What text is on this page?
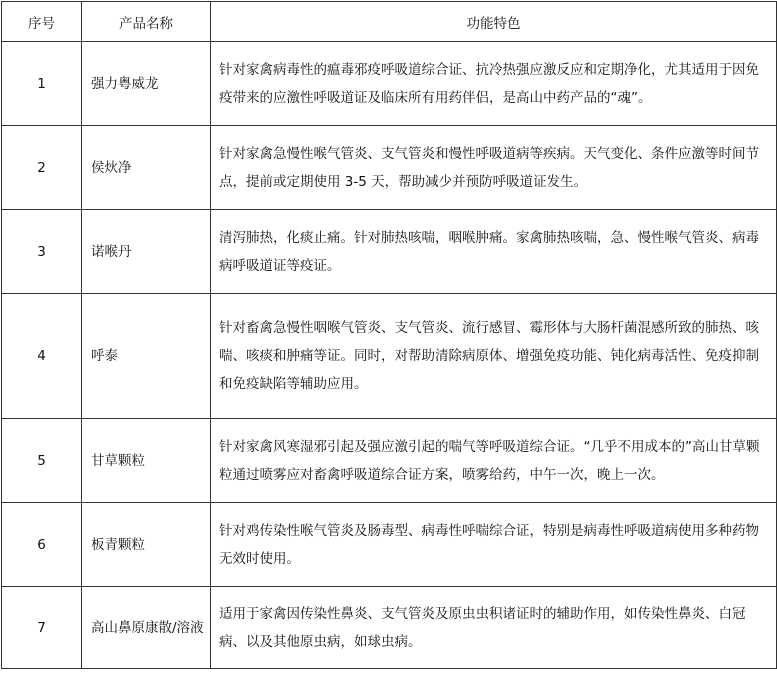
序号	产品名称	功能特色
1	强力粤威龙	针对家禽病毒性的瘟毒邪疫呼吸道综合证、抗冷热强应激反应和定期净化，尤其适用于因免疫带来的应激性呼吸道证及临床所有用药伴侣，是高山中药产品的“魂”。
2	侯炏净	针对家禽急慢性喉气管炎、支气管炎和慢性呼吸道病等疾病。天气变化、条件应激等时间节点，提前或定期使用 3-5 天，帮助减少并预防呼吸道证发生。
3	诺喉丹	清泻肺热，化痰止痛。针对肺热咳喘，咽喉肿痛。家禽肺热咳喘，急、慢性喉气管炎、病毒病呼吸道证等疫证。
4	呼泰	针对畜禽急慢性咽喉气管炎、支气管炎、流行感冒、霉形体与大肠杆菌混感所致的肺热、咳喘、咳痰和肿痛等证。同时，对帮助清除病原体、增强免疫功能、钝化病毒活性、免疫抑制和免疫缺陷等辅助应用。
5	甘草颗粒	针对家禽风寒湿邪引起及强应激引起的喘气等呼吸道综合证。“几乎不用成本的”高山甘草颗粒通过喷雾应对畜禽呼吸道综合证方案，喷雾给药，中午一次，晚上一次。
6	板青颗粒	针对鸡传染性喉气管炎及肠毒型、病毒性呼喘综合证，特别是病毒性呼吸道病使用多种药物无效时使用。
7	高山鼻原康散/溶液	适用于家禽因传染性鼻炎、支气管炎及原虫虫积诸证时的辅助作用，如传染性鼻炎、白冠病、以及其他原虫病，如球虫病。
